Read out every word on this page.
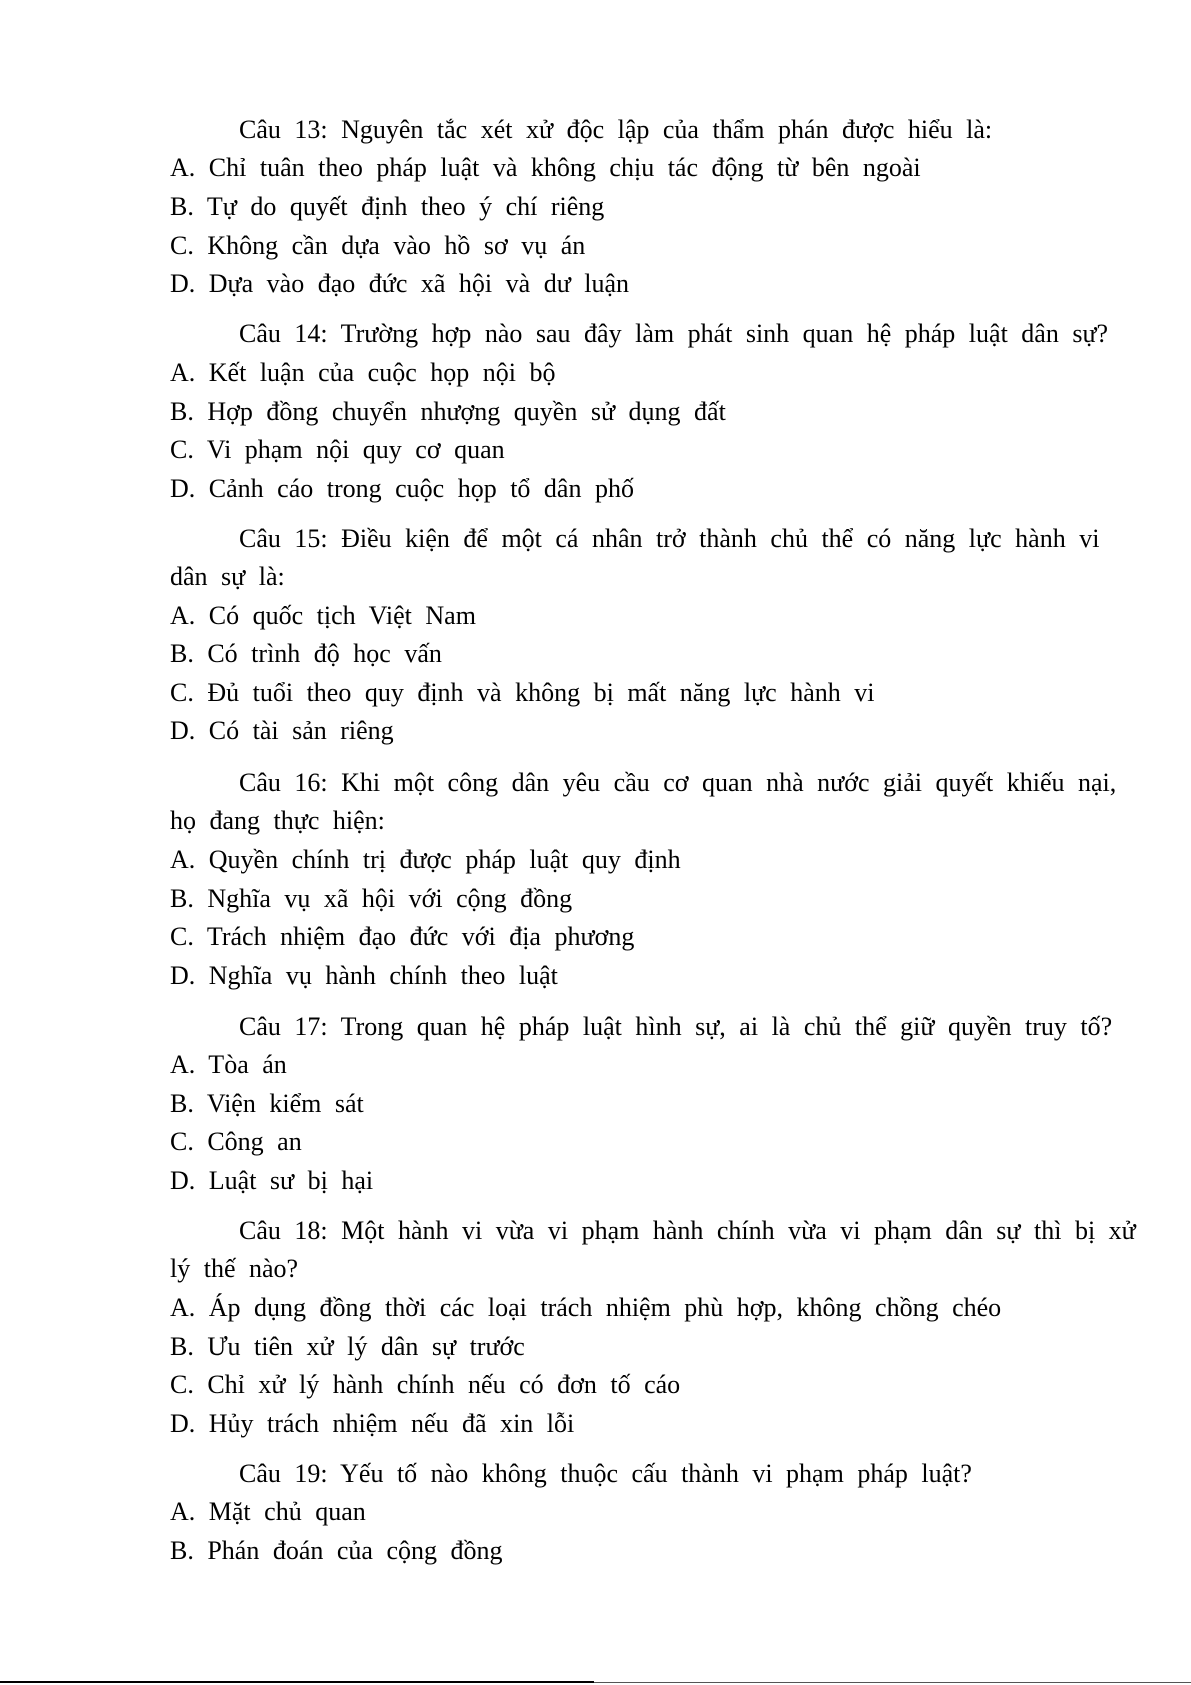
Câu 13: Nguyên tắc xét xử độc lập của thẩm phán được hiểu là:
A. Chỉ tuân theo pháp luật và không chịu tác động từ bên ngoài
B. Tự do quyết định theo ý chí riêng
C. Không cần dựa vào hồ sơ vụ án
D. Dựa vào đạo đức xã hội và dư luận
Câu 14: Trường hợp nào sau đây làm phát sinh quan hệ pháp luật dân sự?
A. Kết luận của cuộc họp nội bộ
B. Hợp đồng chuyển nhượng quyền sử dụng đất
C. Vi phạm nội quy cơ quan
D. Cảnh cáo trong cuộc họp tổ dân phố
Câu 15: Điều kiện để một cá nhân trở thành chủ thể có năng lực hành vi
dân sự là:
A. Có quốc tịch Việt Nam
B. Có trình độ học vấn
C. Đủ tuổi theo quy định và không bị mất năng lực hành vi
D. Có tài sản riêng
Câu 16: Khi một công dân yêu cầu cơ quan nhà nước giải quyết khiếu nại,
họ đang thực hiện:
A. Quyền chính trị được pháp luật quy định
B. Nghĩa vụ xã hội với cộng đồng
C. Trách nhiệm đạo đức với địa phương
D. Nghĩa vụ hành chính theo luật
Câu 17: Trong quan hệ pháp luật hình sự, ai là chủ thể giữ quyền truy tố?
A. Tòa án
B. Viện kiểm sát
C. Công an
D. Luật sư bị hại
Câu 18: Một hành vi vừa vi phạm hành chính vừa vi phạm dân sự thì bị xử
lý thế nào?
A. Áp dụng đồng thời các loại trách nhiệm phù hợp, không chồng chéo
B. Ưu tiên xử lý dân sự trước
C. Chỉ xử lý hành chính nếu có đơn tố cáo
D. Hủy trách nhiệm nếu đã xin lỗi
Câu 19: Yếu tố nào không thuộc cấu thành vi phạm pháp luật?
A. Mặt chủ quan
B. Phán đoán của cộng đồng
